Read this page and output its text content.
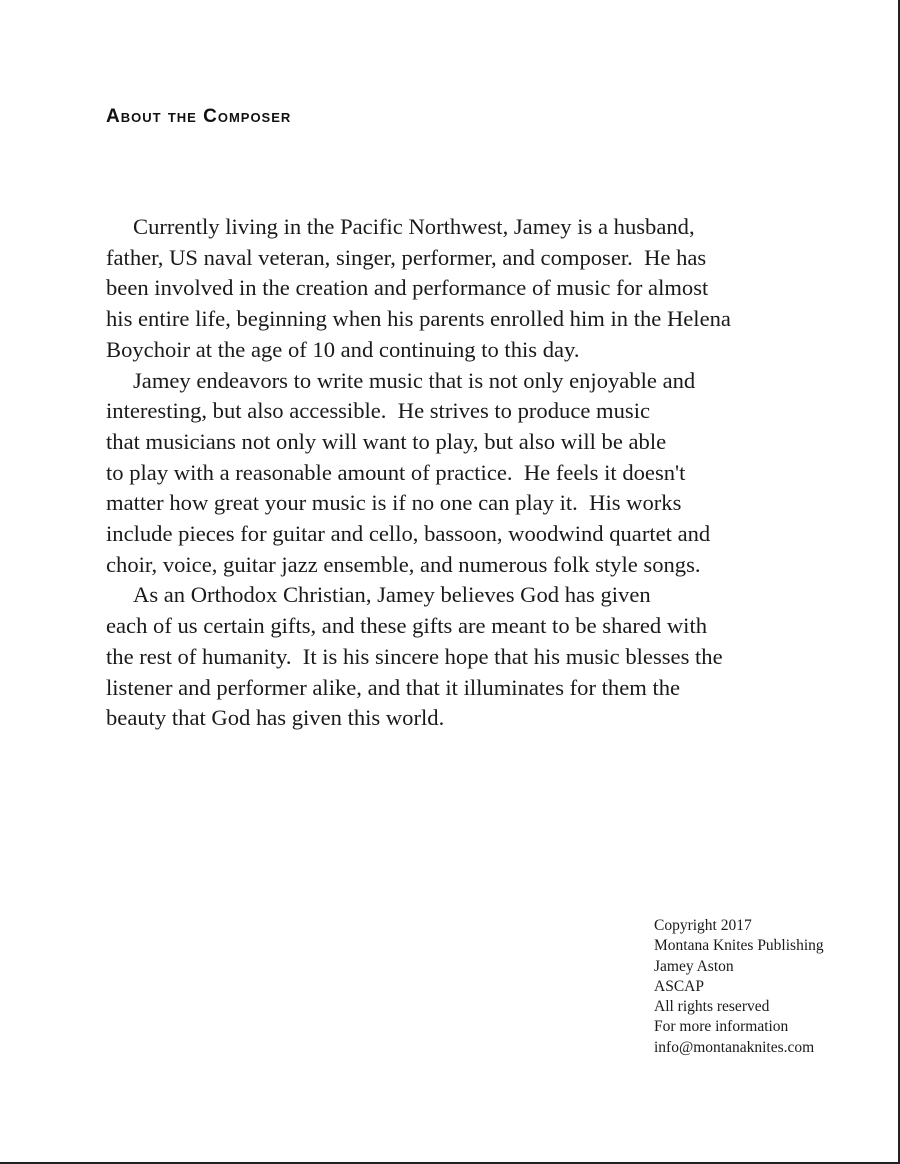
About the Composer
Currently living in the Pacific Northwest, Jamey is a husband,
father, US naval veteran, singer, performer, and composer.  He has
been involved in the creation and performance of music for almost
his entire life, beginning when his parents enrolled him in the Helena
Boychoir at the age of 10 and continuing to this day.
Jamey endeavors to write music that is not only enjoyable and
interesting, but also accessible.  He strives to produce music
that musicians not only will want to play, but also will be able
to play with a reasonable amount of practice.  He feels it doesn't
matter how great your music is if no one can play it.  His works
include pieces for guitar and cello, bassoon, woodwind quartet and
choir, voice, guitar jazz ensemble, and numerous folk style songs.
As an Orthodox Christian, Jamey believes God has given
each of us certain gifts, and these gifts are meant to be shared with
the rest of humanity.  It is his sincere hope that his music blesses the
listener and performer alike, and that it illuminates for them the
beauty that God has given this world.
Copyright 2017
Montana Knites Publishing
Jamey Aston
ASCAP
All rights reserved
For more information
info@montanaknites.com
